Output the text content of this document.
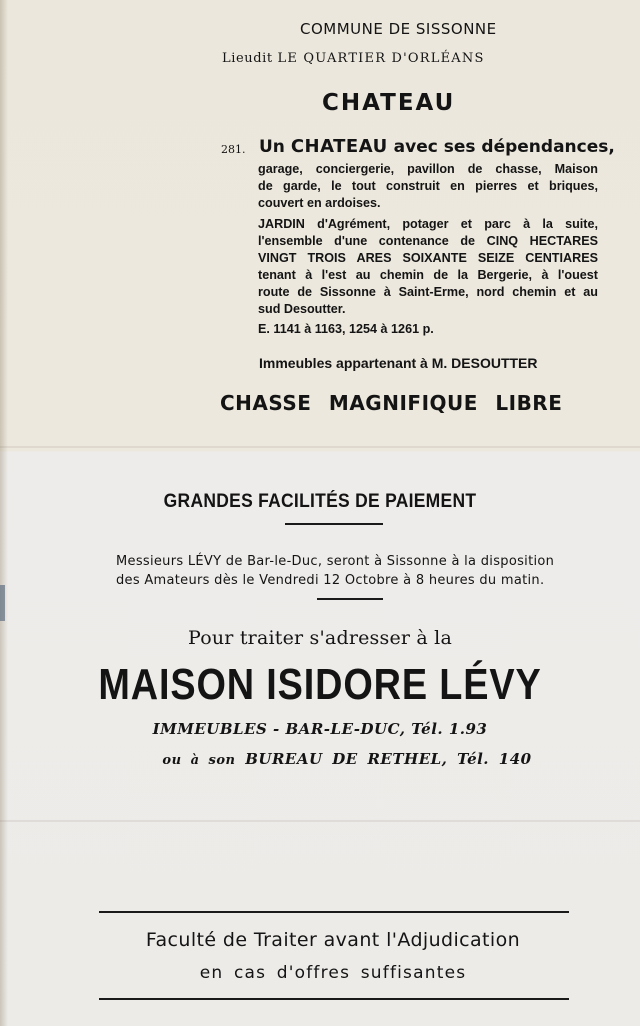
COMMUNE DE SISSONNE
Lieudit LE QUARTIER D'ORLÉANS
CHATEAU
281. Un CHATEAU avec ses dépendances,
garage, conciergerie, pavillon de chasse, Maison
de garde, le tout construit en pierres et briques,
couvert en ardoises.
JARDIN d'Agrément, potager et parc à la suite,
l'ensemble d'une contenance de CINQ HECTARES
VINGT TROIS ARES SOIXANTE SEIZE CENTIARES
tenant à l'est au chemin de la Bergerie, à l'ouest
route de Sissonne à Saint-Erme, nord chemin et au
sud Desoutter.
E. 1141 à 1163, 1254 à 1261 p.
Immeubles appartenant à M. DESOUTTER
CHASSE MAGNIFIQUE LIBRE
GRANDES FACILITÉS DE PAIEMENT
Messieurs LÉVY de Bar-le-Duc, seront à Sissonne à la disposition
des Amateurs dès le Vendredi 12 Octobre à 8 heures du matin.
Pour traiter s'adresser à la
MAISON ISIDORE LÉVY
IMMEUBLES - BAR-LE-DUC, Tél. 1.93
ou à son BUREAU DE RETHEL, Tél. 140
Faculté de Traiter avant l'Adjudication
en cas d'offres suffisantes
